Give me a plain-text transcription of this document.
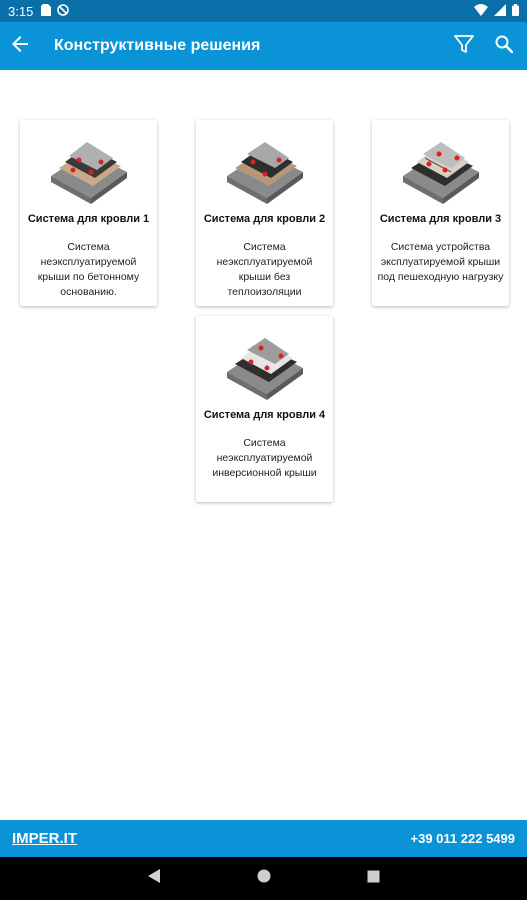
3:15
Конструктивные решения
Система для кровли 1
Система неэксплуатируемой крыши по бетонному основанию.
Система для кровли 2
Система неэксплуатируемой крыши без теплоизоляции
Система для кровли 3
Система устройства эксплуатируемой крыши под пешеходную нагрузку
Система для кровли 4
Система неэксплуатируемой инверсионной крыши
IMPER.IT	+39 011 222 5499
